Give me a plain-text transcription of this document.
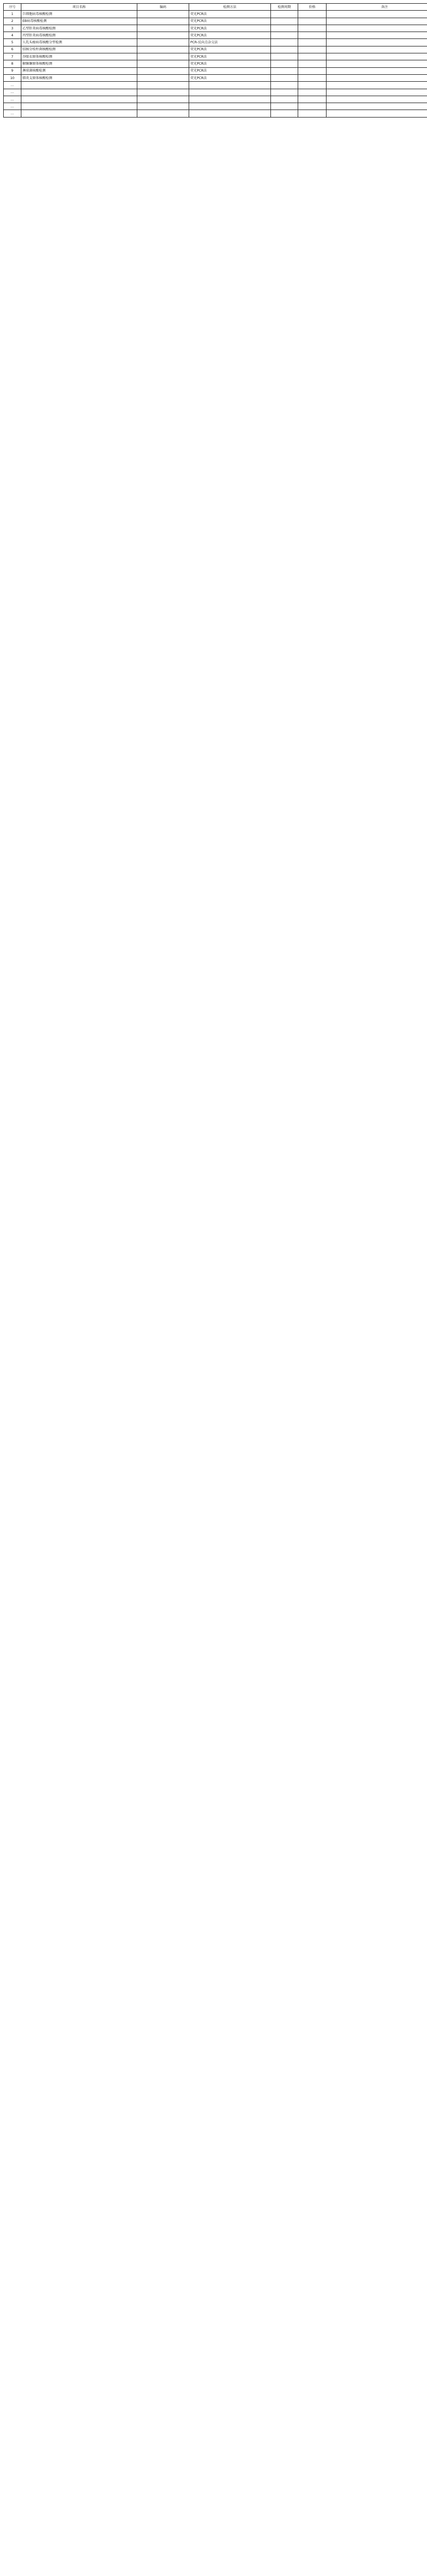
序号	项目名称	编码	检测方法	检测周期	价格	备注
1	巨细胞病毒核酸检测		荧光PCR法			
2	EB病毒核酸检测		荧光PCR法			
3	乙型肝炎病毒核酸检测		荧光PCR法			
4	丙型肝炎病毒核酸检测		荧光PCR法			
5	人乳头瘤病毒核酸分型检测		PCR-反向点杂交法			
6	结核分枝杆菌核酸检测		荧光PCR法			
7	沙眼衣原体核酸检测		荧光PCR法			
8	解脲脲原体核酸检测		荧光PCR法			
9	淋球菌核酸检测		荧光PCR法			
10	肺炎支原体核酸检测		荧光PCR法			
…						
…						
…						
…						
…						
